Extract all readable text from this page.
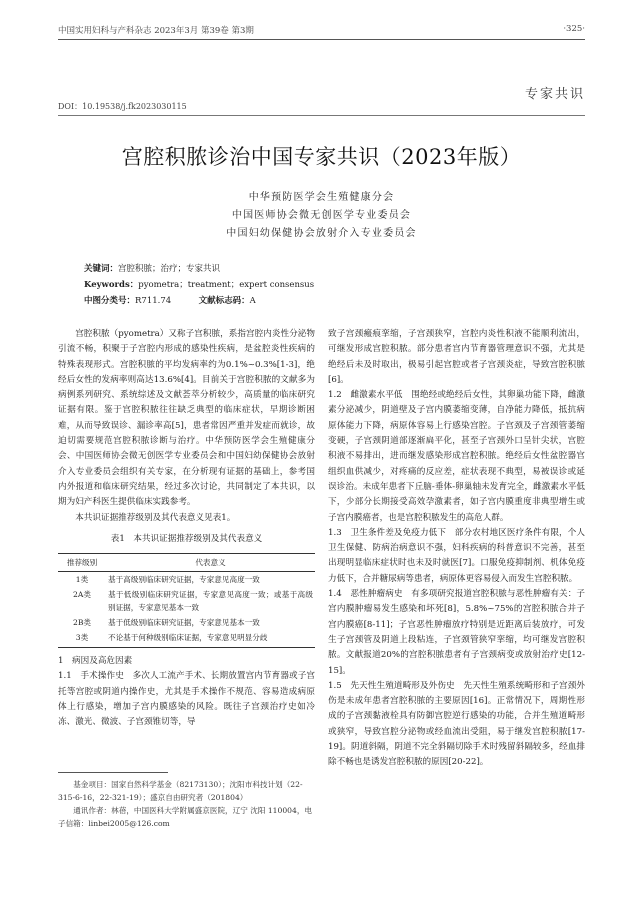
中国实用妇科与产科杂志 2023年3月 第39卷 第3期	·325·
专家共识
DOI：10.19538/j.fk2023030115
宫腔积脓诊治中国专家共识（2023年版）
中华预防医学会生殖健康分会
中国医师协会微无创医学专业委员会
中国妇幼保健协会放射介入专业委员会
关键词：宫腔积脓；治疗；专家共识
Keywords：pyometra；treatment；expert consensus
中图分类号：R711.74	文献标志码：A

宫腔积脓（pyometra）又称子宫积脓，系指宫腔内炎性分泌物引流不畅，积聚于子宫腔内形成的感染性疾病，是盆腔炎性疾病的特殊表现形式。宫腔积脓的平均发病率约为0.1%~0.3%[1-3]，绝经后女性的发病率则高达13.6%[4]。目前关于宫腔积脓的文献多为病例系列研究、系统综述及文献荟萃分析较少，高质量的临床研究证据有限。鉴于宫腔积脓往往缺乏典型的临床症状，早期诊断困难，从而导致误诊、漏诊率高[5]，患者常因严重并发症而就诊，故迫切需要规范宫腔积脓诊断与治疗。中华预防医学会生殖健康分会、中国医师协会微无创医学专业委员会和中国妇幼保健协会放射介入专业委员会组织有关专家，在分析现有证据的基础上，参考国内外报道和临床研究结果，经过多次讨论，共同制定了本共识，以期为妇产科医生提供临床实践参考。

本共识证据推荐级别及其代表意义见表1。

表1　本共识证据推荐级别及其代表意义
推荐级别	代表意义
1类	基于高级别临床研究证据，专家意见高度一致
2A类	基于低级别临床研究证据，专家意见高度一致；或基于高级别证据，专家意见基本一致
2B类	基于低级别临床研究证据，专家意见基本一致
3类	不论基于何种级别临床证据，专家意见明显分歧

1　病因及高危因素

1.1　手术操作史　 多次人工流产手术、长期放置宫内节育器或子宫托等宫腔或阴道内操作史，尤其是手术操作不规范、容易造成病原体上行感染，增加子宫内膜感染的风险。既往子宫颈治疗史如冷冻、激光、微波、子宫颈锥切等，导

基金项目：国家自然科学基金（82173130）；沈阳市科技计划（22-315-6-16，22-321-19）；盛京自由研究者（201804）

通讯作者：林蓓，中国医科大学附属盛京医院，辽宁 沈阳 110004，电子信箱：linbei2005@126.com

致子宫颈瘢痕挛缩，子宫颈狭窄，宫腔内炎性积液不能顺利流出，可继发形成宫腔积脓。部分患者宫内节育器管理意识不强，尤其是绝经后未及时取出，极易引起宫腔或者子宫颈炎症，导致宫腔积脓[6]。

1.2　雌激素水平低　 围绝经或绝经后女性，其卵巢功能下降，雌激素分泌减少，阴道壁及子宫内膜萎缩变薄，自净能力降低，抵抗病原体能力下降，病原体容易上行感染宫腔。子宫颈及子宫颈管萎缩变硬，子宫颈阴道部逐渐扁平化，甚至子宫颈外口呈针尖状，宫腔积液不易排出，进而继发感染形成宫腔积脓。绝经后女性盆腔器官组织血供减少，对疼痛的反应差，症状表现不典型，易被误诊或延误诊治。未成年患者下丘脑-垂体-卵巢轴未发育完全，雌激素水平低下，少部分长期接受高效孕激素者，如子宫内膜重度非典型增生或子宫内膜癌者，也是宫腔积脓发生的高危人群。

1.3　卫生条件差及免疫力低下　 部分农村地区医疗条件有限，个人卫生保健、防病治病意识不强，妇科疾病的科普意识不完善，甚至出现明显临床症状时也未及时就医[7]。口服免疫抑制剂、机体免疫力低下，合并糖尿病等患者，病原体更容易侵入而发生宫腔积脓。

1.4　恶性肿瘤病史　 有多项研究报道宫腔积脓与恶性肿瘤有关：子宫内膜肿瘤易发生感染和坏死[8]，5.8%~75%的宫腔积脓合并子宫内膜癌[8-11]；子宫恶性肿瘤放疗特别是近距离后装放疗，可发生子宫颈管及阴道上段粘连，子宫颈管狭窄挛缩，均可继发宫腔积脓。文献报道20%的宫腔积脓患者有子宫颈病变或放射治疗史[12-15]。

1.5　先天性生殖道畸形及外伤史　 先天性生殖系统畸形和子宫颈外伤是未成年患者宫腔积脓的主要原因[16]。正常情况下，周期性形成的子宫颈黏液栓具有防御宫腔逆行感染的功能，合并生殖道畸形或狭窄，导致宫腔分泌物或经血流出受阻，易于继发宫腔积脓[17-19]。阴道斜隔，阴道不完全斜隔切除手术时残留斜隔较多，经血排除不畅也是诱发宫腔积脓的原因[20-22]。
